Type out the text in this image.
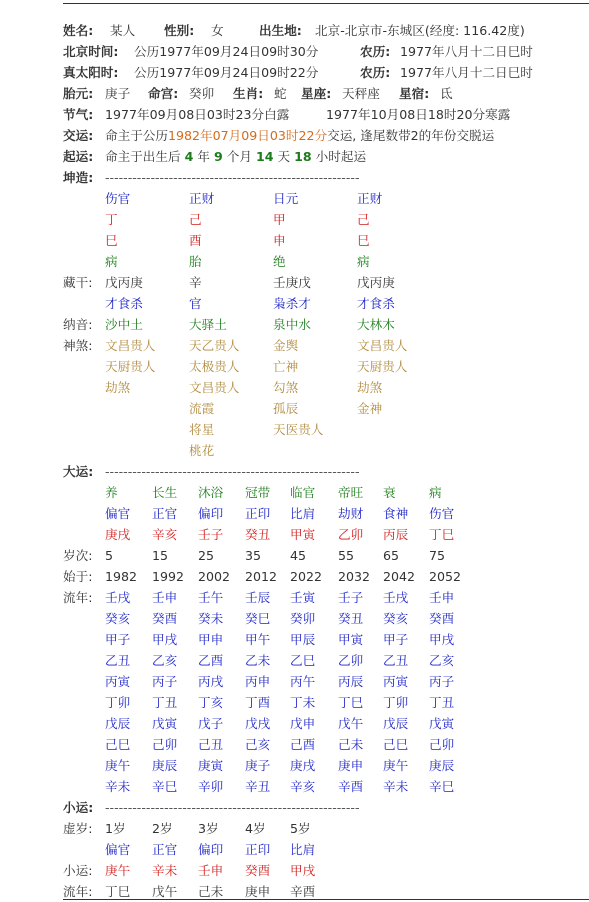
姓名: 某人 性别: 女	出生地: 北京-北京市-东城区(经度: 116.42度)
北京时间: 公历1977年09月24日09时30分	农历: 1977年八月十二日巳时
真太阳时: 公历1977年09月24日09时22分	农历: 1977年八月十二日巳时
胎元: 庚子 命宫: 癸卯 生肖: 蛇 星座: 天秤座 星宿: 氐
节气: 1977年09月08日03时23分白露	1977年10月08日18时20分寒露
交运: 命主于公历1982年07月09日03时22分交运, 逢尾数带2的年份交脱运
起运: 命主于出生后 4 年 9 个月 14 天 18 小时起运
坤造: --------------------------------------------------------
伤官	正财	日元	正财
丁	己	甲	己
巳	酉	申	巳
病	胎	绝	病
藏干: 戊丙庚	辛	壬庚戊	戊丙庚
才食杀	官	枭杀才	才食杀
纳音: 沙中土	大驿土	泉中水	大林木
神煞: 文昌贵人	天乙贵人	金舆	文昌贵人
天厨贵人	太极贵人	亡神	天厨贵人
劫煞	文昌贵人	勾煞	劫煞
流霞	孤辰	金神
将星	天医贵人
桃花
大运: --------------------------------------------------------
养	长生 沐浴 冠带 临官 帝旺 衰	病
偏官 正官 偏印 正印 比肩 劫财 食神 伤官
庚戌 辛亥 壬子 癸丑 甲寅 乙卯 丙辰 丁巳
岁次: 5	15 25 35 45	55 65 75
始于: 1982 1992 2002 2012 2022 2032 2042 2052
流年: 壬戌 壬申 壬午 壬辰 壬寅 壬子 壬戌 壬申
癸亥 癸酉 癸未 癸巳 癸卯 癸丑 癸亥 癸酉
甲子 甲戌 甲申 甲午 甲辰 甲寅 甲子 甲戌
乙丑 乙亥 乙酉 乙未 乙巳 乙卯 乙丑 乙亥
丙寅 丙子 丙戌 丙申 丙午 丙辰 丙寅 丙子
丁卯 丁丑 丁亥 丁酉 丁未 丁巳 丁卯 丁丑
戊辰 戊寅 戊子 戊戌 戊申 戊午 戊辰 戊寅
己巳 己卯 己丑 己亥 己酉 己未 己巳 己卯
庚午 庚辰 庚寅 庚子 庚戌 庚申 庚午 庚辰
辛未 辛巳 辛卯 辛丑 辛亥 辛酉 辛未 辛巳
小运: --------------------------------------------------------
虚岁: 1岁 2岁 3岁 4岁 5岁
偏官 正官 偏印 正印 比肩
小运: 庚午 辛未 壬申 癸酉 甲戌
流年: 丁巳 戊午 己未 庚申 辛酉
